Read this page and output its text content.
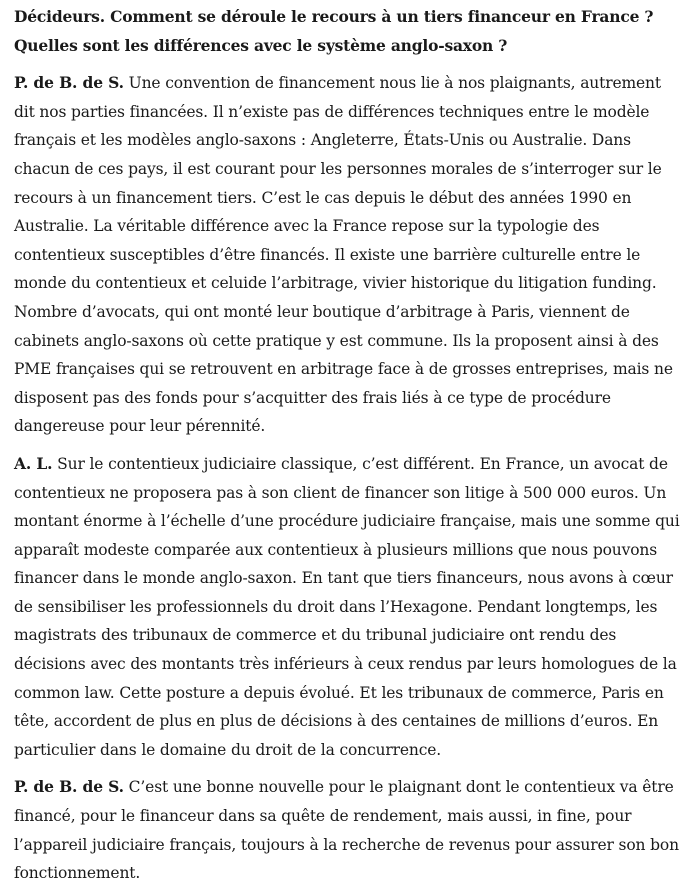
Décideurs. Comment se déroule le recours à un tiers financeur en France ?
Quelles sont les différences avec le système anglo-saxon ?

P. de B. de S. Une convention de financement nous lie à nos plaignants, autrement dit nos parties financées. Il n’existe pas de différences techniques entre le modèle français et les modèles anglo-saxons : Angleterre, États-Unis ou Australie. Dans chacun de ces pays, il est courant pour les personnes morales de s’interroger sur le recours à un financement tiers. C’est le cas depuis le début des années 1990 en Australie. La véritable différence avec la France repose sur la typologie des contentieux susceptibles d’être financés. Il existe une barrière culturelle entre le monde du contentieux et celuide l’arbitrage, vivier historique du litigation funding. Nombre d’avocats, qui ont monté leur boutique d’arbitrage à Paris, viennent de cabinets anglo-saxons où cette pratique y est commune. Ils la proposent ainsi à des PME françaises qui se retrouvent en arbitrage face à de grosses entreprises, mais ne disposent pas des fonds pour s’acquitter des frais liés à ce type de procédure dangereuse pour leur pérennité.

A. L. Sur le contentieux judiciaire classique, c’est différent. En France, un avocat de contentieux ne proposera pas à son client de financer son litige à 500 000 euros. Un montant énorme à l’échelle d’une procédure judiciaire française, mais une somme qui apparaît modeste comparée aux contentieux à plusieurs millions que nous pouvons financer dans le monde anglo-saxon. En tant que tiers financeurs, nous avons à cœur de sensibiliser les professionnels du droit dans l’Hexagone. Pendant longtemps, les magistrats des tribunaux de commerce et du tribunal judiciaire ont rendu des décisions avec des montants très inférieurs à ceux rendus par leurs homologues de la common law. Cette posture a depuis évolué. Et les tribunaux de commerce, Paris en tête, accordent de plus en plus de décisions à des centaines de millions d’euros. En particulier dans le domaine du droit de la concurrence.

P. de B. de S. C’est une bonne nouvelle pour le plaignant dont le contentieux va être financé, pour le financeur dans sa quête de rendement, mais aussi, in fine, pour l’appareil judiciaire français, toujours à la recherche de revenus pour assurer son bon fonctionnement.
